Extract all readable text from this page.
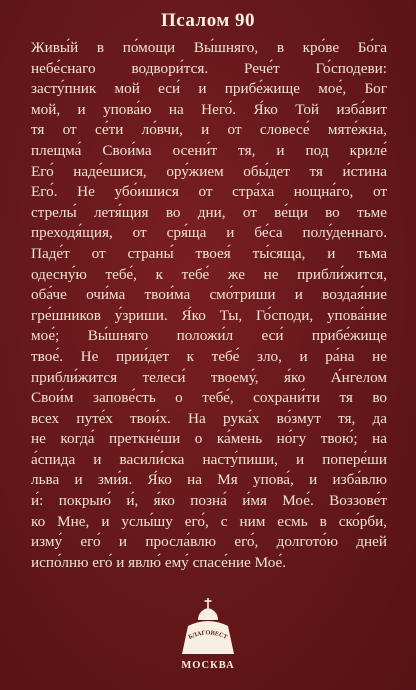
Псалом 90
Живы́й в по́мощи Вы́шняго, в кро́ве Бо́га
небе́снаго водвори́тся. Рече́т Го́сподеви:
засту́пник мой еси́ и прибе́жище мое́, Бог
мой, и упова́ю на Него́. Я́ко Той изба́вит
тя от се́ти ло́вчи, и от словесе́ мяте́жна,
плещма́ Свои́ма осени́т тя, и под криле́
Его́ наде́ешися, ору́жием обы́дет тя и́стина
Его́. Не убо́ишися от стра́ха нощна́го, от
стрелы́ летя́щия во дни, от ве́щи во тьме
преходя́щия, от сря́ща и бе́са полу́деннаго.
Паде́т от страны́ твоея́ ты́сяща, и тьма
одесну́ю тебе́, к тебе́ же не прибли́жится,
оба́че очи́ма твои́ма смо́триши и воздая́ние
гре́шников у́зриши. Я́ко Ты, Го́споди, упова́ние
мое́; Вы́шняго положи́л еси́ прибе́жище
твое́. Не прии́дет к тебе́ зло, и ра́на не
прибли́жится телеси́ твоему́, я́ко А́нгелом
Свои́м запове́сть о тебе́, сохрани́ти тя во
всех путе́х твои́х. На рука́х во́змут тя, да
не когда́ преткне́ши о ка́мень но́гу твою́; на
а́спида и васили́ска насту́пиши, и попере́ши
льва и зми́я. Я́ко на Мя упова́, и изба́влю
и́: покрыю́ и́, я́ко позна́ и́мя Мое́. Воззове́т
ко Мне, и услы́шу его́, с ним есмь в ско́рби,
изму́ его́ и просла́влю его́, долгото́ю дней
испо́лню его́ и явлю́ ему́ спасе́ние Мое́.
БЛАГОВЕСТ
МОСКВА
